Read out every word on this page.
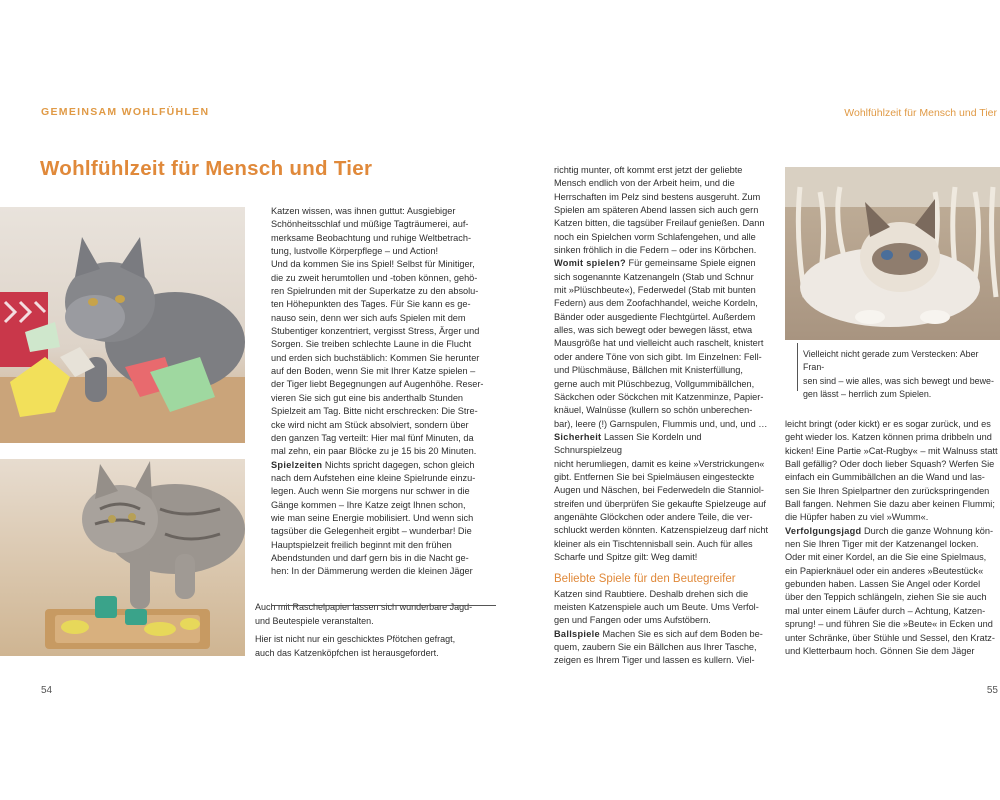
GEMEINSAM WOHLFÜHLEN	Wohlfühlzeit für Mensch und Tier
Wohlfühlzeit für Mensch und Tier

Auch mit Raschelpapier lassen sich wunderbare Jagd-

und Beutespiele veranstalten.

Hier ist nicht nur ein geschicktes Pfötchen gefragt,

auch das Katzenköpfchen ist herausgefordert.

Katzen wissen, was ihnen guttut: Ausgiebiger

Schönheitsschlaf und müßige Tagträumerei, auf-

merksame Beobachtung und ruhige Weltbetrach-

tung, lustvolle Körperpflege – und Action!

Und da kommen Sie ins Spiel! Selbst für Minitiger,

die zu zweit herumtollen und -toben können, gehö-

ren Spielrunden mit der Superkatze zu den absolu-

ten Höhepunkten des Tages. Für Sie kann es ge-

nauso sein, denn wer sich aufs Spielen mit dem

Stubentiger konzentriert, vergisst Stress, Ärger und

Sorgen. Sie treiben schlechte Laune in die Flucht

und erden sich buchstäblich: Kommen Sie herunter

auf den Boden, wenn Sie mit Ihrer Katze spielen –

der Tiger liebt Begegnungen auf Augenhöhe. Reser-

vieren Sie sich gut eine bis anderthalb Stunden

Spielzeit am Tag. Bitte nicht erschrecken: Die Stre-

cke wird nicht am Stück absolviert, sondern über

den ganzen Tag verteilt: Hier mal fünf Minuten, da

mal zehn, ein paar Blöcke zu je 15 bis 20 Minuten.

Spielzeiten Nichts spricht dagegen, schon gleich

nach dem Aufstehen eine kleine Spielrunde einzu-

legen. Auch wenn Sie morgens nur schwer in die

Gänge kommen – Ihre Katze zeigt Ihnen schon,

wie man seine Energie mobilisiert. Und wenn sich

tagsüber die Gelegenheit ergibt – wunderbar! Die

Hauptspielzeit freilich beginnt mit den frühen

Abendstunden und darf gern bis in die Nacht ge-

hen: In der Dämmerung werden die kleinen Jäger

richtig munter, oft kommt erst jetzt der geliebte

Mensch endlich von der Arbeit heim, und die

Herrschaften im Pelz sind bestens ausgeruht. Zum

Spielen am späteren Abend lassen sich auch gern

Katzen bitten, die tagsüber Freilauf genießen. Dann

noch ein Spielchen vorm Schlafengehen, und alle

sinken fröhlich in die Federn – oder ins Körbchen.

Womit spielen? Für gemeinsame Spiele eignen

sich sogenannte Katzenangeln (Stab und Schnur

mit »Plüschbeute«), Federwedel (Stab mit bunten

Federn) aus dem Zoofachhandel, weiche Kordeln,

Bänder oder ausgediente Flechtgürtel. Außerdem

alles, was sich bewegt oder bewegen lässt, etwa

Mausgröße hat und vielleicht auch raschelt, knistert

oder andere Töne von sich gibt. Im Einzelnen: Fell-

und Plüschmäuse, Bällchen mit Knisterfüllung,

gerne auch mit Plüschbezug, Vollgummibällchen,

Säckchen oder Söckchen mit Katzenminze, Papier-

knäuel, Walnüsse (kullern so schön unberechen-

bar), leere (!) Garnspulen, Flummis und, und, und …

Sicherheit Lassen Sie Kordeln und Schnurspielzeug

nicht herumliegen, damit es keine »Verstrickungen«

gibt. Entfernen Sie bei Spielmäusen eingesteckte

Augen und Näschen, bei Federwedeln die Stanniol-

streifen und überprüfen Sie gekaufte Spielzeuge auf

angenähte Glöckchen oder andere Teile, die ver-

schluckt werden könnten. Katzenspielzeug darf nicht

kleiner als ein Tischtennisball sein. Auch für alles

Scharfe und Spitze gilt: Weg damit!

Beliebte Spiele für den Beutegreifer

Katzen sind Raubtiere. Deshalb drehen sich die

meisten Katzenspiele auch um Beute. Ums Verfol-

gen und Fangen oder ums Aufstöbern.

Ballspiele Machen Sie es sich auf dem Boden be-

quem, zaubern Sie ein Bällchen aus Ihrer Tasche,

zeigen es Ihrem Tiger und lassen es kullern. Viel-

Vielleicht nicht gerade zum Verstecken: Aber Fran-

sen sind – wie alles, was sich bewegt und bewe-

gen lässt – herrlich zum Spielen.

leicht bringt (oder kickt) er es sogar zurück, und es

geht wieder los. Katzen können prima dribbeln und

kicken! Eine Partie »Cat-Rugby« – mit Walnuss statt

Ball gefällig? Oder doch lieber Squash? Werfen Sie

einfach ein Gummibällchen an die Wand und las-

sen Sie Ihren Spielpartner den zurückspringenden

Ball fangen. Nehmen Sie dazu aber keinen Flummi;

die Hüpfer haben zu viel »Wumm«.

Verfolgungsjagd Durch die ganze Wohnung kön-

nen Sie Ihren Tiger mit der Katzenangel locken.

Oder mit einer Kordel, an die Sie eine Spielmaus,

ein Papierknäuel oder ein anderes »Beutestück«

gebunden haben. Lassen Sie Angel oder Kordel

über den Teppich schlängeln, ziehen Sie sie auch

mal unter einem Läufer durch – Achtung, Katzen-

sprung! – und führen Sie die »Beute« in Ecken und

unter Schränke, über Stühle und Sessel, den Kratz-

und Kletterbaum hoch. Gönnen Sie dem Jäger

54	55
